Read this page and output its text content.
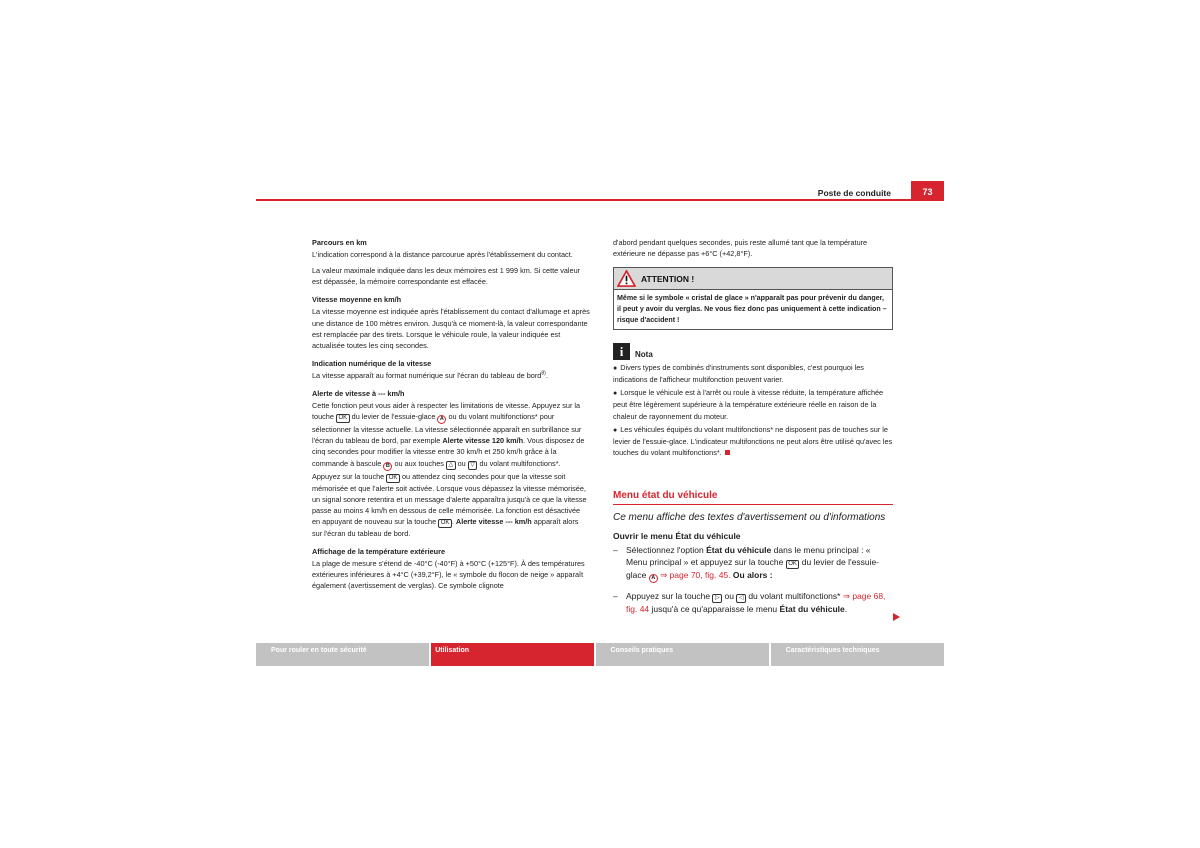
Poste de conduite	73
Parcours en km
L'indication correspond à la distance parcourue après l'établissement du contact.
La valeur maximale indiquée dans les deux mémoires est 1 999 km. Si cette valeur est dépassée, la mémoire correspondante est effacée.
Vitesse moyenne en km/h
La vitesse moyenne est indiquée après l'établissement du contact d'allumage et après une distance de 100 mètres environ. Jusqu'à ce moment-là, la valeur correspondante est remplacée par des tirets. Lorsque le véhicule roule, la valeur indiquée est actualisée toutes les cinq secondes.
Indication numérique de la vitesse
La vitesse apparaît au format numérique sur l'écran du tableau de bord$^{8)}$.
Alerte de vitesse à --- km/h
Cette fonction peut vous aider à respecter les limitations de vitesse. Appuyez sur la touche OK du levier de l'essuie-glace A ou du volant multifonctions* pour sélectionner la vitesse actuelle. La vitesse sélectionnée apparaît en surbrillance sur l'écran du tableau de bord, par exemple Alerte vitesse 120 km/h. Vous disposez de cinq secondes pour modifier la vitesse entre 30 km/h et 250 km/h grâce à la commande à bascule B ou aux touches △ ou ▽ du volant multifonctions*. Appuyez sur la touche OK ou attendez cinq secondes pour que la vitesse soit mémorisée et que l'alerte soit activée. Lorsque vous dépassez la vitesse mémorisée, un signal sonore retentira et un message d'alerte apparaîtra jusqu'à ce que la vitesse passe au moins 4 km/h en dessous de celle mémorisée. La fonction est désactivée en appuyant de nouveau sur la touche OK . Alerte vitesse --- km/h apparaît alors sur l'écran du tableau de bord.
Affichage de la température extérieure
La plage de mesure s'étend de -40°C (-40°F) à +50°C (+125°F). À des températures extérieures inférieures à +4°C (+39,2°F), le « symbole du flocon de neige » apparaît également (avertissement de verglas). Ce symbole clignote
d'abord pendant quelques secondes, puis reste allumé tant que la température extérieure ne dépasse pas +6°C (+42,8°F).
ATTENTION !
Même si le symbole « cristal de glace » n'apparaît pas pour prévenir du danger, il peut y avoir du verglas. Ne vous fiez donc pas uniquement à cette indication – risque d'accident !
i	Nota
● Divers types de combinés d'instruments sont disponibles, c'est pourquoi les indications de l'afficheur multifonction peuvent varier.
● Lorsque le véhicule est à l'arrêt ou roule à vitesse réduite, la température affichée peut être légèrement supérieure à la température extérieure réelle en raison de la chaleur de rayonnement du moteur.
● Les véhicules équipés du volant multifonctions* ne disposent pas de touches sur le levier de l'essuie-glace. L'indicateur multifonctions ne peut alors être utilisé qu'avec les touches du volant multifonctions*.
Menu état du véhicule
Ce menu affiche des textes d'avertissement ou d'informations
Ouvrir le menu État du véhicule
– Sélectionnez l'option État du véhicule dans le menu principal : « Menu principal » et appuyez sur la touche OK du levier de l'essuie-glace A ⇒ page 70, fig. 45. Ou alors :
– Appuyez sur la touche ▷ ou ◁ du volant multifonctions* ⇒ page 68, fig. 44 jusqu'à ce qu'apparaisse le menu État du véhicule.
Pour rouler en toute sécurité	Utilisation	Conseils pratiques	Caractéristiques techniques
